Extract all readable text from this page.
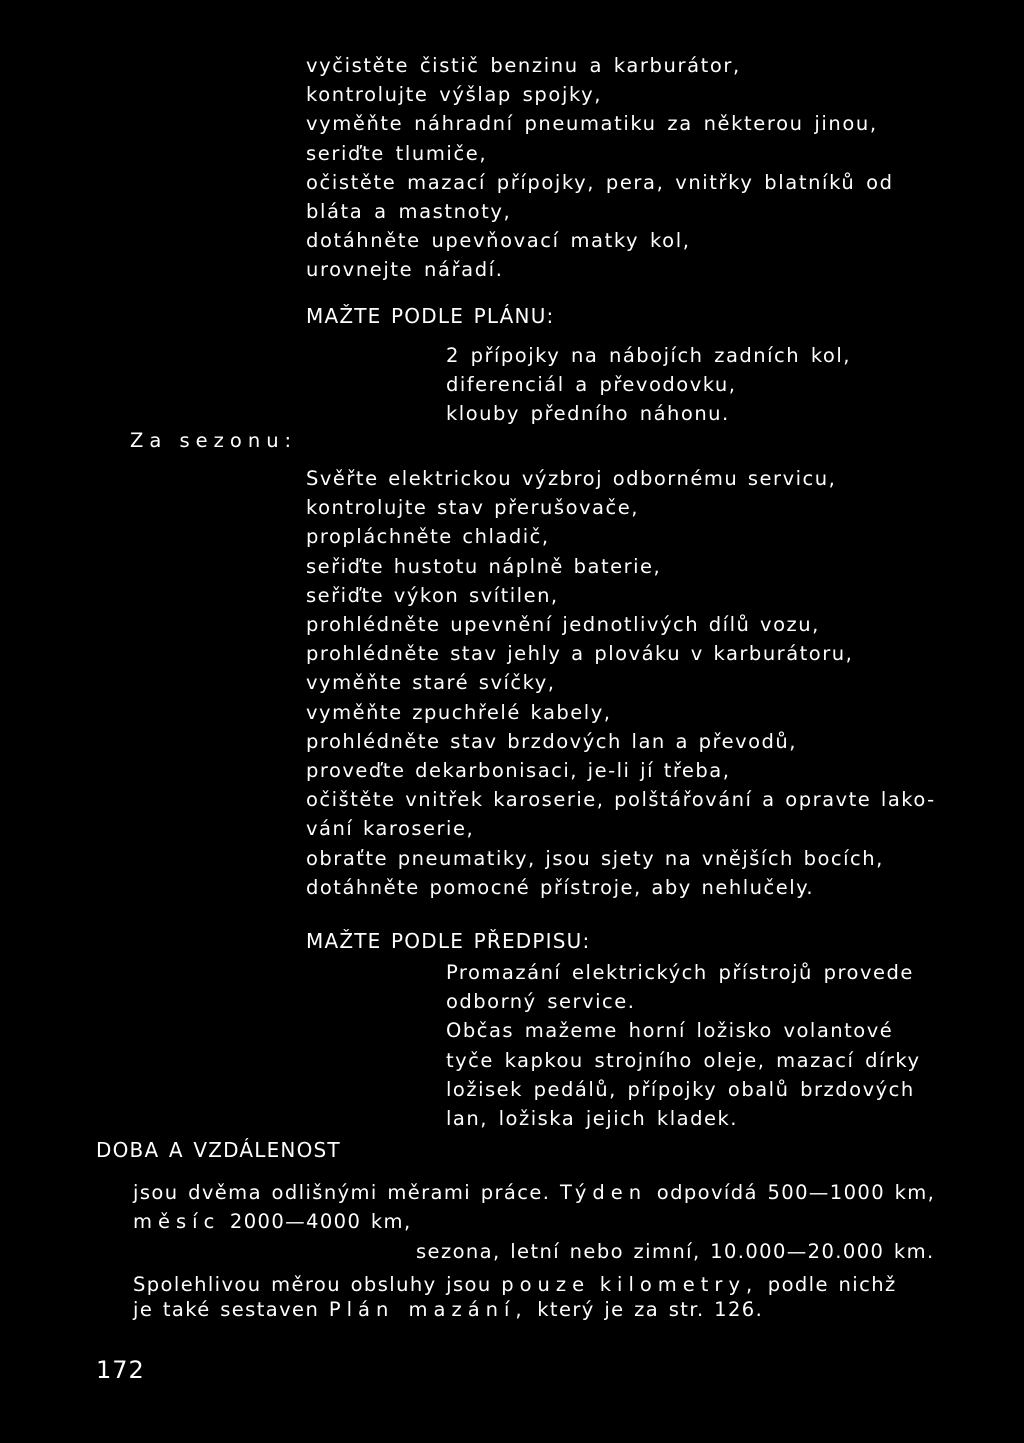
vyčistěte čistič benzinu a karburátor,
kontrolujte výšlap spojky,
vyměňte náhradní pneumatiku za některou jinou,
seriďte tlumiče,
očistěte mazací přípojky, pera, vnitřky blatníků od
bláta a mastnoty,
dotáhněte upevňovací matky kol,
urovnejte nářadí.
MAŽTE PODLE PLÁNU:
2 přípojky na nábojích zadních kol,
diferenciál a převodovku,
klouby předního náhonu.
Za sezonu:
Svěřte elektrickou výzbroj odbornému servicu,
kontrolujte stav přerušovače,
propláchněte chladič,
seřiďte hustotu náplně baterie,
seřiďte výkon svítilen,
prohlédněte upevnění jednotlivých dílů vozu,
prohlédněte stav jehly a plováku v karburátoru,
vyměňte staré svíčky,
vyměňte zpuchřelé kabely,
prohlédněte stav brzdových lan a převodů,
proveďte dekarbonisaci, je-li jí třeba,
očištěte vnitřek karoserie, polštářování a opravte lako-
vání karoserie,
obraťte pneumatiky, jsou sjety na vnějších bocích,
dotáhněte pomocné přístroje, aby nehlučely.
MAŽTE PODLE PŘEDPISU:
Promazání elektrických přístrojů provede
odborný service.
Občas mažeme horní ložisko volantové
tyče kapkou strojního oleje, mazací dírky
ložisek pedálů, přípojky obalů brzdových
lan, ložiska jejich kladek.
DOBA A VZDÁLENOST
jsou dvěma odlišnými měrami práce. Týden odpovídá 500—1000 km,
měsíc 2000—4000 km,
sezona, letní nebo zimní, 10.000—20.000 km.
Spolehlivou měrou obsluhy jsou pouze kilometry, podle nichž
je také sestaven Plán mazání, který je za str. 126.
172
